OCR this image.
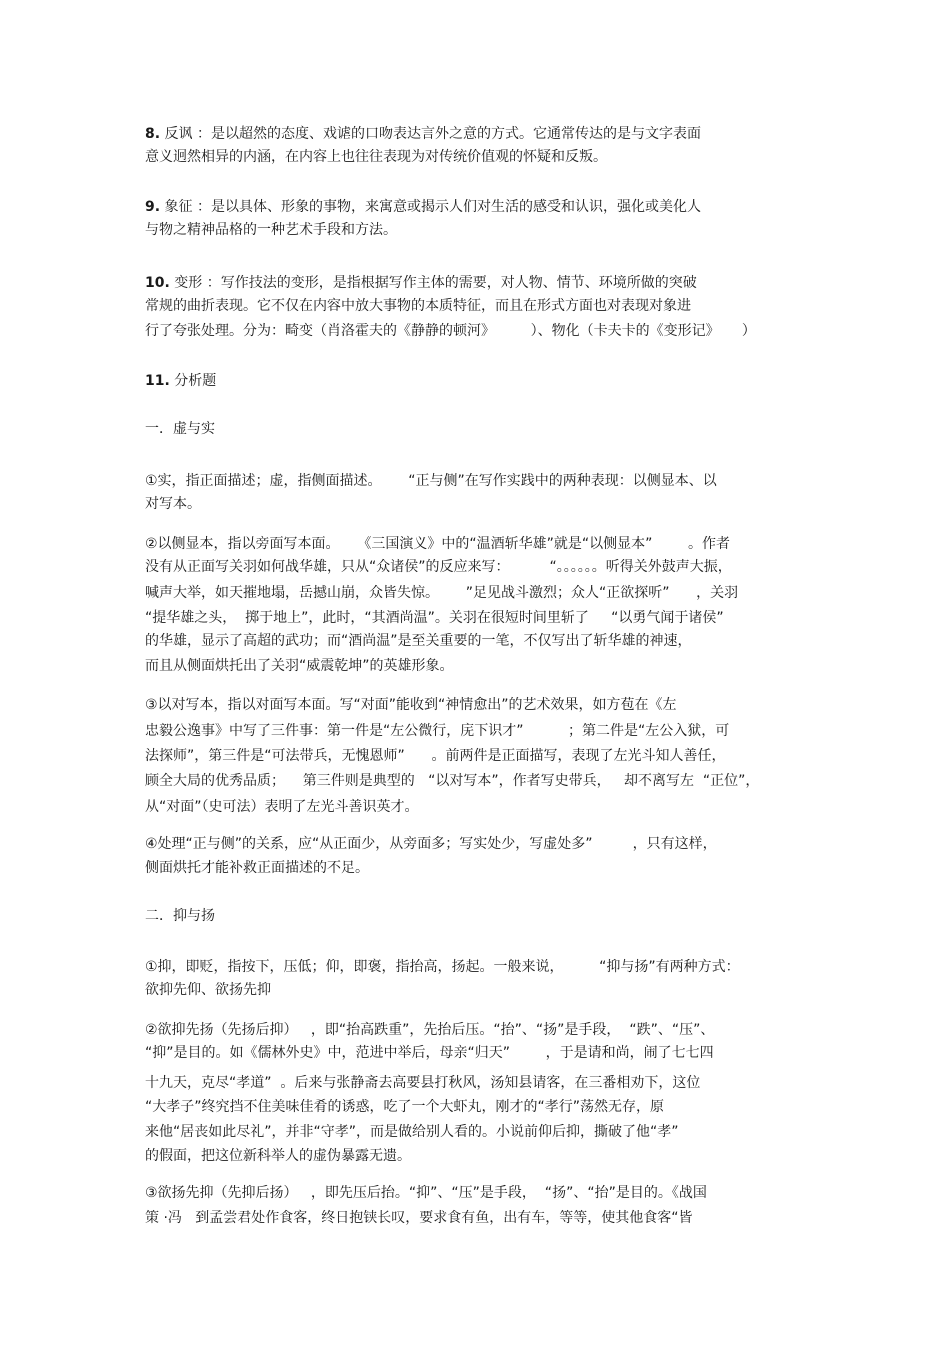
8. 反讽 ：是以超然的态度、戏谑的口吻表达言外之意的方式。它通常传达的是与文字表面
意义迥然相异的内涵，在内容上也往往表现为对传统价值观的怀疑和反叛。
9. 象征 ：是以具体、形象的事物，来寓意或揭示人们对生活的感受和认识，强化或美化人
与物之精神品格的一种艺术手段和方法。
10. 变形 ：写作技法的变形，是指根据写作主体的需要，对人物、情节、环境所做的突破
常规的曲折表现。它不仅在内容中放大事物的本质特征，而且在形式方面也对表现对象进
行了夸张处理。分为：畸变（肖洛霍夫的《静静的顿河》        ）、物化（卡夫卡的《变形记》     ）
11. 分析题
一．虚与实
①实，指正面描述；虚，指侧面描述。      “正与侧”在写作实践中的两种表现：以侧显本、以
对写本。
②以侧显本，指以旁面写本面。    《三国演义》中的“温酒斩华雄”就是“以侧显本”        。作者
没有从正面写关羽如何战华雄，只从“众诸侯”的反应来写：         “。。。。。。听得关外鼓声大振，
喊声大举，如天摧地塌，岳撼山崩，众皆失惊。      ”足见战斗激烈；众人“正欲探听”      ，关羽
“提华雄之头，  掷于地上”，此时，“其酒尚温”。关羽在很短时间里斩了     “以勇气闻于诸侯”
的华雄，显示了高超的武功；而“酒尚温”是至关重要的一笔，不仅写出了斩华雄的神速，
而且从侧面烘托出了关羽“威震乾坤”的英雄形象。
③以对写本，指以对面写本面。写“对面”能收到“神情愈出”的艺术效果，如方苞在《左
忠毅公逸事》中写了三件事：第一件是“左公微行，庑下识才”          ；第二件是“左公入狱，可
法探师”，第三件是“可法带兵，无愧恩师”      。前两件是正面描写，表现了左光斗知人善任，
顾全大局的优秀品质；    第三件则是典型的   “以对写本”，作者写史带兵，   却不离写左  “正位”，
从“对面”（史可法）表明了左光斗善识英才。
④处理“正与侧”的关系，应“从正面少，从旁面多；写实处少，写虚处多”         ，只有这样，
侧面烘托才能补救正面描述的不足。
二．抑与扬
①抑，即贬，指按下，压低；仰，即褒，指抬高，扬起。一般来说，        “抑与扬”有两种方式：
欲抑先仰、欲扬先抑
②欲抑先扬（先扬后抑）   ，即“抬高跌重”，先抬后压。“抬”、“扬”是手段，  “跌”、“压”、
“抑”是目的。如《儒林外史》中，范进中举后，母亲“归天”        ，于是请和尚，闹了七七四
十九天，克尽“孝道”  。后来与张静斋去高要县打秋风，汤知县请客，在三番相劝下，这位
“大孝子”终究挡不住美味佳肴的诱惑，吃了一个大虾丸，刚才的“孝行”荡然无存，原
来他“居丧如此尽礼”，并非“守孝”，而是做给别人看的。小说前仰后抑，撕破了他“孝”
的假面，把这位新科举人的虚伪暴露无遗。
③欲扬先抑（先抑后扬）   ，即先压后抬。“抑”、“压”是手段，  “扬”、“抬”是目的。《战国
策 ·冯   到孟尝君处作食客，终日抱铗长叹，要求食有鱼，出有车，等等，使其他食客“皆
